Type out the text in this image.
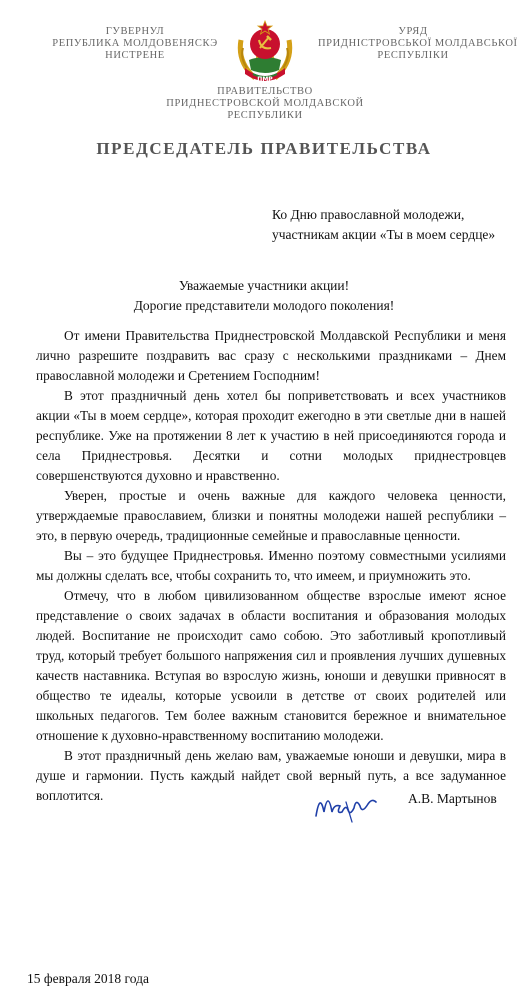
ГУВЕРНУЛ
РЕПУБЛИКА МОЛДОВЕНЯСКЭ
НИСТРЕНЕ
ПМР
УРЯД
ПРИДНІСТРОВСЬКОЇ МОЛДАВСЬКОЇ
РЕСПУБЛІКИ
ПРАВИТЕЛЬСТВО
ПРИДНЕСТРОВСКОЙ МОЛДАВСКОЙ
РЕСПУБЛИКИ
ПРЕДСЕДАТЕЛЬ ПРАВИТЕЛЬСТВА
Ко Дню православной молодежи,
участникам акции «Ты в моем сердце»
Уважаемые участники акции!
Дорогие представители молодого поколения!

От имени Правительства Приднестровской Молдавской Республики и меня лично разрешите поздравить вас сразу с несколькими праздниками – Днем православной молодежи и Сретением Господним!

В этот праздничный день хотел бы поприветствовать и всех участников акции «Ты в моем сердце», которая проходит ежегодно в эти светлые дни в нашей республике. Уже на протяжении 8 лет к участию в ней присоединяются города и села Приднестровья. Десятки и сотни молодых приднестровцев совершенствуются духовно и нравственно.

Уверен, простые и очень важные для каждого человека ценности, утверждаемые православием, близки и понятны молодежи нашей республики – это, в первую очередь, традиционные семейные и православные ценности.

Вы – это будущее Приднестровья. Именно поэтому совместными усилиями мы должны сделать все, чтобы сохранить то, что имеем, и приумножить это.

Отмечу, что в любом цивилизованном обществе взрослые имеют ясное представление о своих задачах в области воспитания и образования молодых людей. Воспитание не происходит само собою. Это заботливый кропотливый труд, который требует большого напряжения сил и проявления лучших душевных качеств наставника. Вступая во взрослую жизнь, юноши и девушки привносят в общество те идеалы, которые усвоили в детстве от своих родителей или школьных педагогов. Тем более важным становится бережное и внимательное отношение к духовно-нравственному воспитанию молодежи.

В этот праздничный день желаю вам, уважаемые юноши и девушки, мира в душе и гармонии. Пусть каждый найдет свой верный путь, а все задуманное воплотится.	А.В. Мартынов
15 февраля 2018 года
